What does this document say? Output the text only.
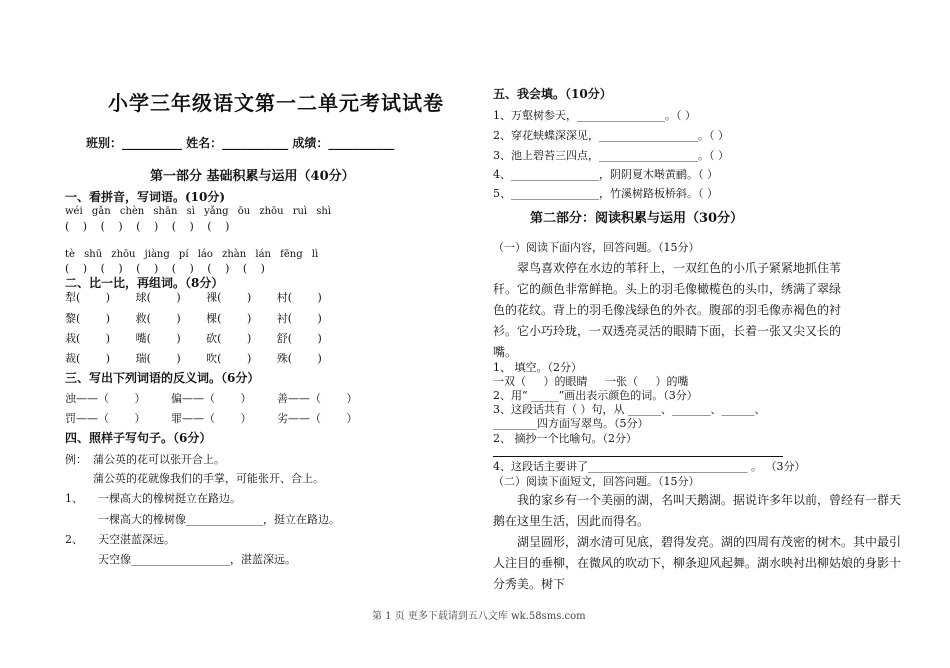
小学三年级语文第一二单元考试试卷
班别：__________ 姓名：___________ 成绩：___________
第一部分 基础积累与运用（40分）
一、看拼音，写词语。(10分)
wéi gǎn chèn shān sì yǎng ōu zhōu ruì shì
( ) ( ) ( ) ( ) ( )
tè shū zhōu jiàng pí láo zhàn lán fēng lì
( ) ( ) ( ) ( ) ( ) ( )
二、比一比，再组词。（8分）
犁( ) 球( ) 裸( ) 村( )
黎( ) 救( ) 棵( ) 衬( )
栽( ) 嘴( ) 砍( ) 舒( )
裁( ) 瑞( ) 吹( ) 殊( )
三、写出下列词语的反义词。（6分）
浊——（ ） 偏——（ ） 善——（ ）
罚——（ ） 罪——（ ） 劣——（ ）
四、照样子写句子。（6分）
例： 蒲公英的花可以张开合上。
蒲公英的花就像我们的手掌，可能张开、合上。
1、 一棵高大的橡树挺立在路边。
一棵高大的橡树像______________，挺立在路边。
2、 天空湛蓝深远。
天空像__________________，湛蓝深远。
五、我会填。（10分）
1、万壑树参天，________________。（ ）
2、穿花蛱蝶深深见，__________________。（ ）
3、池上碧苔三四点，__________________。（ ）
4、________________，阴阴夏木啭黄鹂。（ ）
5、________________，竹溪树路板桥斜。（ ）
第二部分：阅读积累与运用（30分）
（一）阅读下面内容，回答问题。（15分）
翠鸟喜欢停在水边的苇秆上，一双红色的小爪子紧紧地抓住苇秆。它的颜色非常鲜艳。头上的羽毛像橄榄色的头巾，绣满了翠绿色的花纹。背上的羽毛像浅绿色的外衣。腹部的羽毛像赤褐色的衬衫。它小巧玲珑，一双透亮灵活的眼睛下面，长着一张又尖又长的嘴。
1、 填空。（2分）
一双（ ）的眼睛 一张（ ）的嘴
2、用“ _____”画出表示颜色的词。（3分）
3、这段话共有（ ）句，从 ______、_______、______、
________四方面写翠鸟。（5分）
2、 摘抄一个比喻句。（2分）
4、这段话主要讲了_____________________________ 。 （3分）
（二）阅读下面短文，回答问题。（15分）
我的家乡有一个美丽的湖，名叫天鹅湖。据说许多年以前，曾经有一群天鹅在这里生活，因此而得名。
湖呈圆形，湖水清可见底，碧得发亮。湖的四周有茂密的树木。其中最引人注目的垂柳，在微风的吹动下，柳条迎风起舞。湖水映衬出柳姑娘的身影十分秀美。树下
第 1 页 更多下载请到五八文库 wk.58sms.com
